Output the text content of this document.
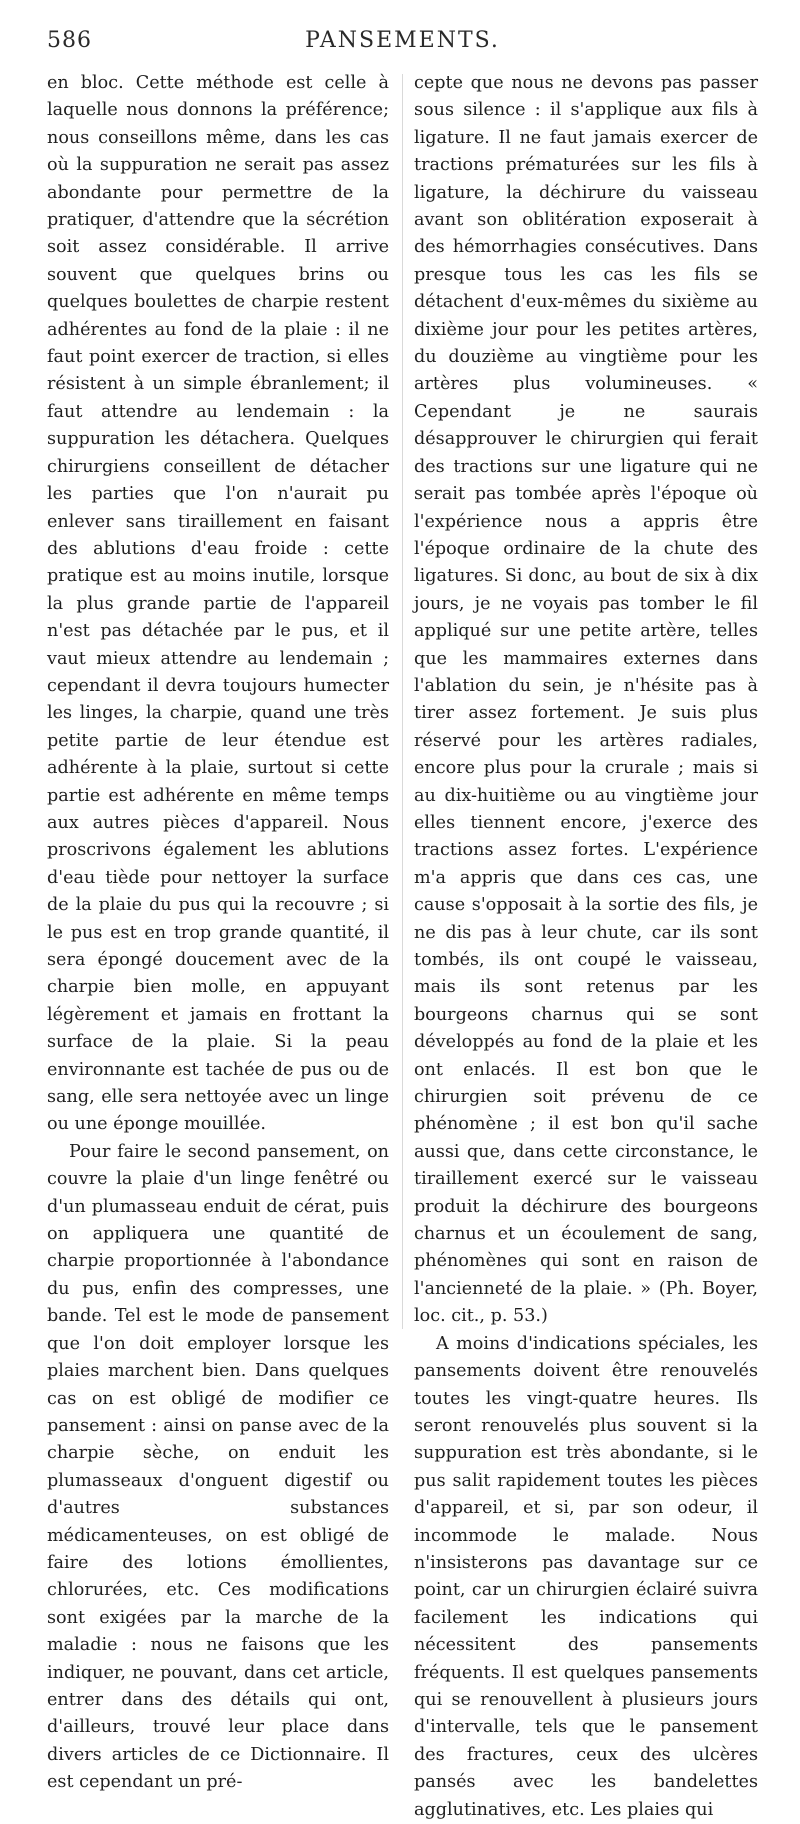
586	PANSEMENTS.

en bloc. Cette méthode est celle à laquelle nous donnons la préférence; nous conseillons même, dans les cas où la suppuration ne serait pas assez abondante pour permettre de la pratiquer, d'attendre que la sécrétion soit assez considérable. Il arrive souvent que quelques brins ou quelques boulettes de charpie restent adhérentes au fond de la plaie : il ne faut point exercer de traction, si elles résistent à un simple ébranlement; il faut attendre au lendemain : la suppuration les détachera. Quelques chirurgiens conseillent de détacher les parties que l'on n'aurait pu enlever sans tiraillement en faisant des ablutions d'eau froide : cette pratique est au moins inutile, lorsque la plus grande partie de l'appareil n'est pas détachée par le pus, et il vaut mieux attendre au lendemain ; cependant il devra toujours humecter les linges, la charpie, quand une très petite partie de leur étendue est adhérente à la plaie, surtout si cette partie est adhérente en même temps aux autres pièces d'appareil. Nous proscrivons également les ablutions d'eau tiède pour nettoyer la surface de la plaie du pus qui la recouvre ; si le pus est en trop grande quantité, il sera épongé doucement avec de la charpie bien molle, en appuyant légèrement et jamais en frottant la surface de la plaie. Si la peau environnante est tachée de pus ou de sang, elle sera nettoyée avec un linge ou une éponge mouillée.

Pour faire le second pansement, on couvre la plaie d'un linge fenêtré ou d'un plumasseau enduit de cérat, puis on appliquera une quantité de charpie proportionnée à l'abondance du pus, enfin des compresses, une bande. Tel est le mode de pansement que l'on doit employer lorsque les plaies marchent bien. Dans quelques cas on est obligé de modifier ce pansement : ainsi on panse avec de la charpie sèche, on enduit les plumasseaux d'onguent digestif ou d'autres substances médicamenteuses, on est obligé de faire des lotions émollientes, chlorurées, etc. Ces modifications sont exigées par la marche de la maladie : nous ne faisons que les indiquer, ne pouvant, dans cet article, entrer dans des détails qui ont, d'ailleurs, trouvé leur place dans divers articles de ce Dictionnaire. Il est cependant un pré-

cepte que nous ne devons pas passer sous silence : il s'applique aux fils à ligature. Il ne faut jamais exercer de tractions prématurées sur les fils à ligature, la déchirure du vaisseau avant son oblitération exposerait à des hémorrhagies consécutives. Dans presque tous les cas les fils se détachent d'eux-mêmes du sixième au dixième jour pour les petites artères, du douzième au vingtième pour les artères plus volumineuses. « Cependant je ne saurais désapprouver le chirurgien qui ferait des tractions sur une ligature qui ne serait pas tombée après l'époque où l'expérience nous a appris être l'époque ordinaire de la chute des ligatures. Si donc, au bout de six à dix jours, je ne voyais pas tomber le fil appliqué sur une petite artère, telles que les mammaires externes dans l'ablation du sein, je n'hésite pas à tirer assez fortement. Je suis plus réservé pour les artères radiales, encore plus pour la crurale ; mais si au dix-huitième ou au vingtième jour elles tiennent encore, j'exerce des tractions assez fortes. L'expérience m'a appris que dans ces cas, une cause s'opposait à la sortie des fils, je ne dis pas à leur chute, car ils sont tombés, ils ont coupé le vaisseau, mais ils sont retenus par les bourgeons charnus qui se sont développés au fond de la plaie et les ont enlacés. Il est bon que le chirurgien soit prévenu de ce phénomène ; il est bon qu'il sache aussi que, dans cette circonstance, le tiraillement exercé sur le vaisseau produit la déchirure des bourgeons charnus et un écoulement de sang, phénomènes qui sont en raison de l'ancienneté de la plaie. » (Ph. Boyer, loc. cit., p. 53.)

A moins d'indications spéciales, les pansements doivent être renouvelés toutes les vingt-quatre heures. Ils seront renouvelés plus souvent si la suppuration est très abondante, si le pus salit rapidement toutes les pièces d'appareil, et si, par son odeur, il incommode le malade. Nous n'insisterons pas davantage sur ce point, car un chirurgien éclairé suivra facilement les indications qui nécessitent des pansements fréquents. Il est quelques pansements qui se renouvellent à plusieurs jours d'intervalle, tels que le pansement des fractures, ceux des ulcères pansés avec les bandelettes agglutinatives, etc. Les plaies qui
